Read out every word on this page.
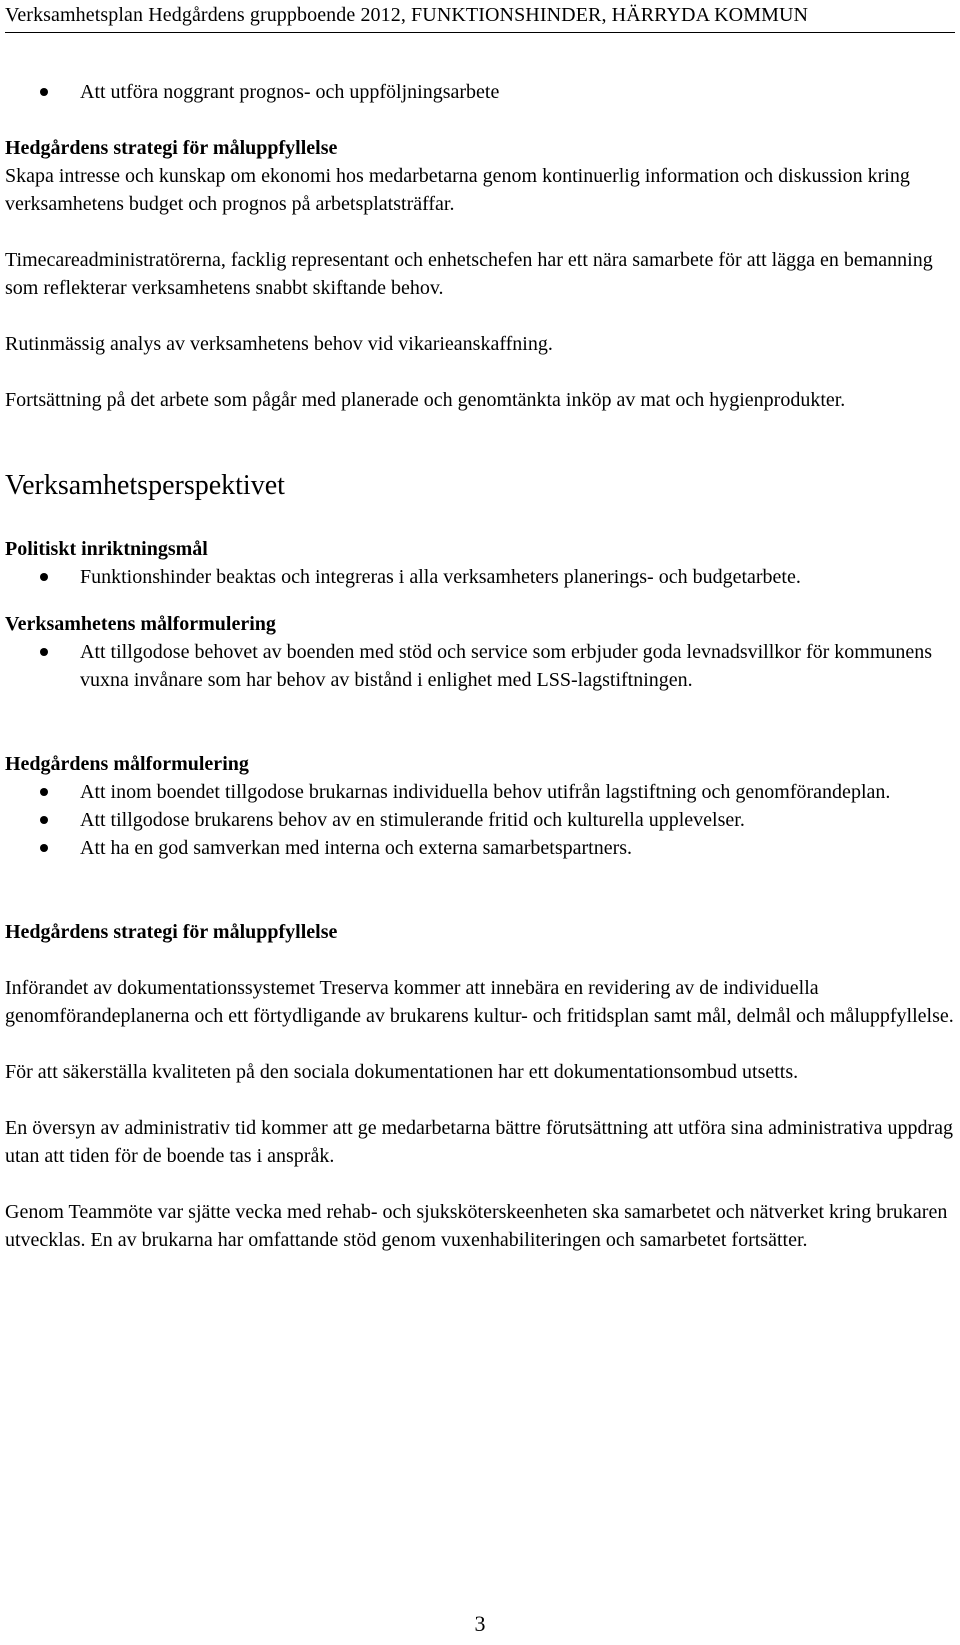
Verksamhetsplan Hedgårdens gruppboende 2012, FUNKTIONSHINDER, HÄRRYDA KOMMUN
Att utföra noggrant prognos- och uppföljningsarbete

Hedgårdens strategi för måluppfyllelse

Skapa intresse och kunskap om ekonomi hos medarbetarna genom kontinuerlig information och diskussion kring verksamhetens budget och prognos på arbetsplatsträffar.

Timecareadministratörerna, facklig representant och enhetschefen har ett nära samarbete för att lägga en bemanning som reflekterar verksamhetens snabbt skiftande behov.

Rutinmässig analys av verksamhetens behov vid vikarieanskaffning.

Fortsättning på det arbete som pågår med planerade och genomtänkta inköp av mat och hygienprodukter.

Verksamhetsperspektivet

Politiskt inriktningsmål

Funktionshinder beaktas och integreras i alla verksamheters planerings- och budgetarbete.

Verksamhetens målformulering

Att tillgodose behovet av boenden med stöd och service som erbjuder goda levnadsvillkor för kommunens vuxna invånare som har behov av bistånd i enlighet med LSS-lagstiftningen.

Hedgårdens målformulering

Att inom boendet tillgodose brukarnas individuella behov utifrån lagstiftning och genomförandeplan.
Att tillgodose brukarens behov av en stimulerande fritid och kulturella upplevelser.
Att ha en god samverkan med interna och externa samarbetspartners.

Hedgårdens strategi för måluppfyllelse

Införandet av dokumentationssystemet Treserva kommer att innebära en revidering av de individuella genomförandeplanerna och ett förtydligande av brukarens kultur- och fritidsplan samt mål, delmål och måluppfyllelse.

För att säkerställa kvaliteten på den sociala dokumentationen har ett dokumentationsombud utsetts.

En översyn av administrativ tid kommer att ge medarbetarna bättre förutsättning att utföra sina administrativa uppdrag utan att tiden för de boende tas i anspråk.

Genom Teammöte var sjätte vecka med rehab- och sjuksköterskeenheten ska samarbetet och nätverket kring brukaren utvecklas. En av brukarna har omfattande stöd genom vuxenhabiliteringen och samarbetet fortsätter.

3
